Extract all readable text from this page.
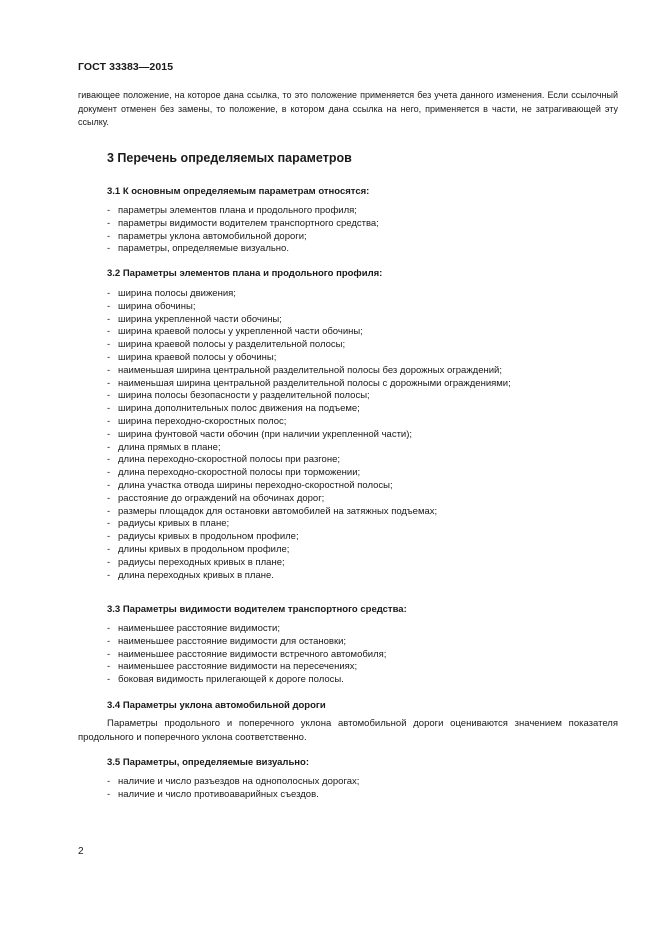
ГОСТ 33383—2015
гивающее положение, на которое дана ссылка, то это положение применяется без учета данного изменения. Если ссылочный документ отменен без замены, то положение, в котором дана ссылка на него, применяется в части, не затрагивающей эту ссылку.
3 Перечень определяемых параметров
3.1 К основным определяемым параметрам относятся:
- параметры элементов плана и продольного профиля;
- параметры видимости водителем транспортного средства;
- параметры уклона автомобильной дороги;
- параметры, определяемые визуально.
3.2 Параметры элементов плана и продольного профиля:
- ширина полосы движения;
- ширина обочины;
- ширина укрепленной части обочины;
- ширина краевой полосы у укрепленной части обочины;
- ширина краевой полосы у разделительной полосы;
- ширина краевой полосы у обочины;
- наименьшая ширина центральной разделительной полосы без дорожных ограждений;
- наименьшая ширина центральной разделительной полосы с дорожными ограждениями;
- ширина полосы безопасности у разделительной полосы;
- ширина дополнительных полос движения на подъеме;
- ширина переходно-скоростных полос;
- ширина фунтовой части обочин (при наличии укрепленной части);
- длина прямых в плане;
- длина переходно-скоростной полосы при разгоне;
- длина переходно-скоростной полосы при торможении;
- длина участка отвода ширины переходно-скоростной полосы;
- расстояние до ограждений на обочинах дорог;
- размеры площадок для остановки автомобилей на затяжных подъемах;
- радиусы кривых в плане;
- радиусы кривых в продольном профиле;
- длины кривых в продольном профиле;
- радиусы переходных кривых в плане;
- длина переходных кривых в плане.
3.3 Параметры видимости водителем транспортного средства:
- наименьшее расстояние видимости;
- наименьшее расстояние видимости для остановки;
- наименьшее расстояние видимости встречного автомобиля;
- наименьшее расстояние видимости на пересечениях;
- боковая видимость прилегающей к дороге полосы.
3.4 Параметры уклона автомобильной дороги
Параметры продольного и поперечного уклона автомобильной дороги оцениваются значением показателя продольного и поперечного уклона соответственно.
3.5 Параметры, определяемые визуально:
- наличие и число разъездов на однополосных дорогах;
- наличие и число противоаварийных съездов.
2
